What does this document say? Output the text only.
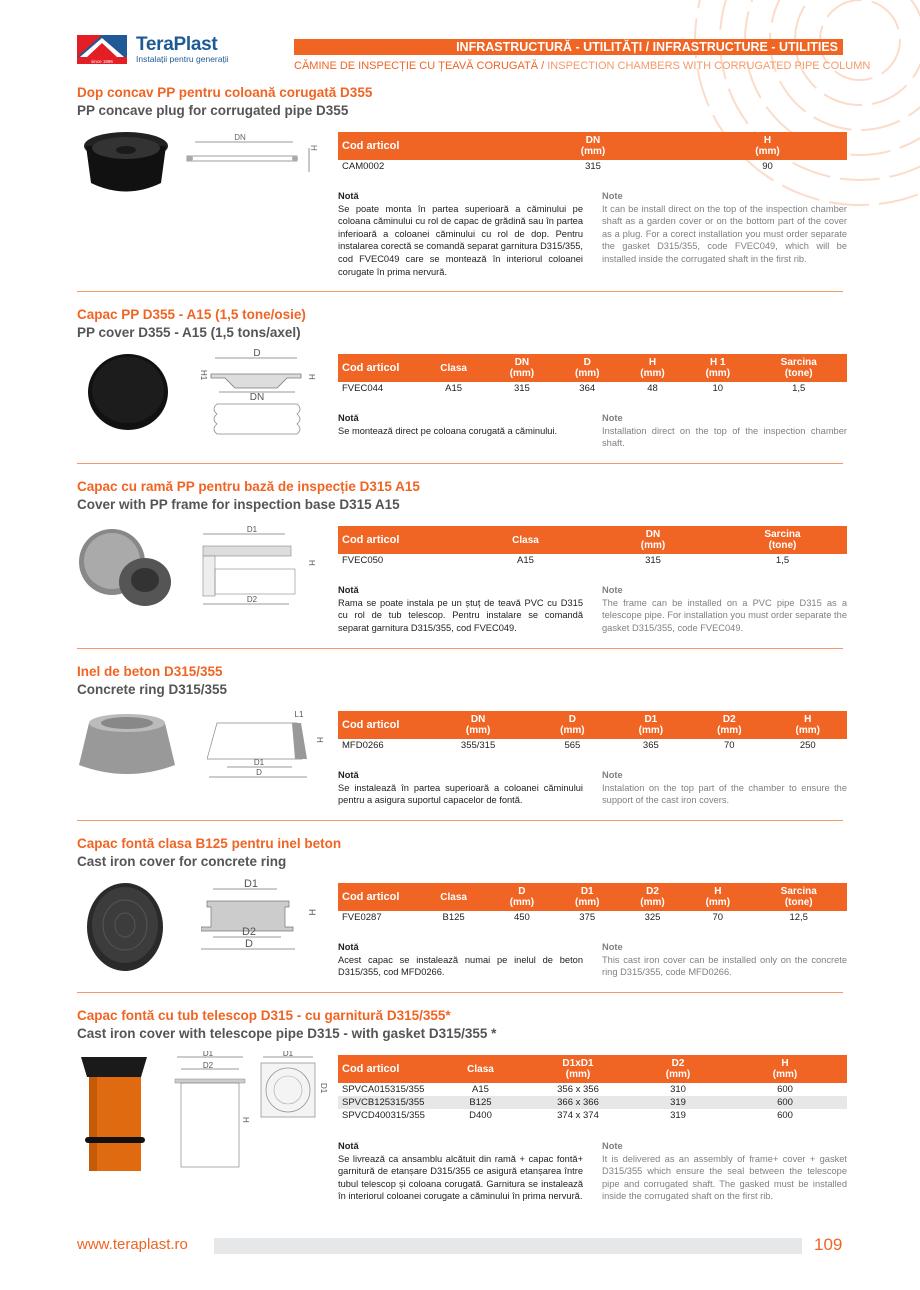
since 1896
TeraPlast
Instalații pentru generații
INFRASTRUCTURĂ - UTILITĂȚI / INFRASTRUCTURE - UTILITIES
CĂMINE DE INSPECȚIE CU ȚEAVĂ CORUGATĂ / INSPECTION CHAMBERS WITH CORRUGATED PIPE COLUMN
Dop concav PP pentru coloană corugată D355
PP concave plug for corrugated pipe D355
DN
H Cod articol	DN
(mm)	H
(mm)
CAM0002	315	90
Notă
Se poate monta în partea superioară a căminului pe coloana căminului cu rol de capac de grădină sau în partea inferioară a coloanei căminului cu rol de dop. Pentru instalarea corectă se comandă separat garnitura D315/355, cod FVEC049 care se montează în interiorul coloanei corugate în prima nervură.
Note
It can be install direct on the top of the inspection chamber shaft as a garden cover or on the bottom part of the cover as a plug. For a corect installation you must order separate the gasket D315/355, code FVEC049, which will be installed inside the corrugated shaft in the first rib.
Capac PP D355 - A15 (1,5 tone/osie)
PP cover D355 - A15 (1,5 tons/axel)
D
H1	H
DN
Cod articol	Clasa	DN
(mm)	D
(mm)	H
(mm)	H 1
(mm)	Sarcina
(tone)
FVEC044	A15	315	364	48	10	1,5
Notă
Se montează direct pe coloana corugată a căminului.
Note
Installation direct on the top of the inspection chamber shaft.
Capac cu ramă PP pentru bază de inspecție D315 A15
Cover with PP frame for inspection base D315 A15
D1
H
D2
Cod articol	Clasa	DN
(mm)	Sarcina
(tone)
FVEC050	A15	315	1,5
Notă
Rama se poate instala pe un ștuț de teavă PVC cu D315 cu rol de tub telescop. Pentru instalare se comandă separat garnitura D315/355, cod FVEC049.
Note
The frame can be installed on a PVC pipe D315 as a telescope pipe. For installation you must order separate the gasket D315/355, code FVEC049.
Inel de beton D315/355
Concrete ring D315/355
L1
H
D1
D
Cod articol	DN
(mm)	D
(mm)	D1
(mm)	D2
(mm)	H
(mm)
MFD0266	355/315	565	365	70	250
Notă
Se instalează în partea superioară a coloanei căminului pentru a asigura suportul capacelor de fontă.
Note
Instalation on the top part of the chamber to ensure the support of the cast iron covers.
Capac fontă clasa B125 pentru inel beton
Cast iron cover for concrete ring
D1
H
D2
D
Cod articol	Clasa	D
(mm)	D1
(mm)	D2
(mm)	H
(mm)	Sarcina
(tone)
FVE0287	B125	450	375	325	70	12,5
Notă
Acest capac se instalează numai pe inelul de beton D315/355, cod MFD0266.
Note
This cast iron cover can be installed only on the concrete ring D315/355, code MFD0266.
Capac fontă cu tub telescop D315 - cu garnitură D315/355*
Cast iron cover with telescope pipe D315 - with gasket D315/355 *
D1
D2
H
D1
D1
Cod articol	Clasa	D1xD1
(mm)	D2
(mm)	H
(mm)
SPVCA015315/355	A15	356 x 356	310	600
SPVCB125315/355	B125	366 x 366	319	600
SPVCD400315/355	D400	374 x 374	319	600
Notă
Se livrează ca ansamblu alcătuit din ramă + capac fontă+ garnitură de etanșare D315/355 ce asigură etanșarea între tubul telescop și coloana corugată. Garnitura se instalează în interiorul coloanei corugate a căminului în prima nervură.
Note
It is delivered as an assembly of frame+ cover + gasket D315/355 which ensure the seal between the telescope pipe and corrugated shaft. The gasked must be installed inside the corrugated shaft on the first rib.
www.teraplast.ro	109
